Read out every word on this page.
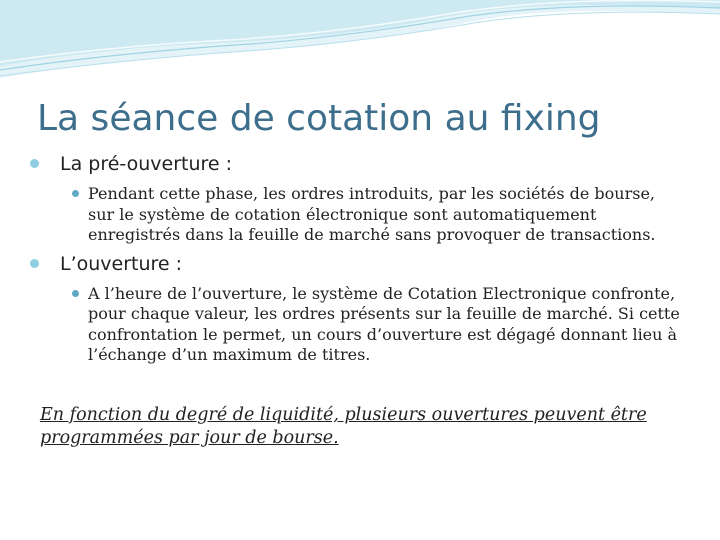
La séance de cotation au fixing
La pré-ouverture :
Pendant cette phase, les ordres introduits, par les sociétés de bourse, sur le système de cotation électronique sont automatiquement enregistrés dans la feuille de marché sans provoquer de transactions.
L’ouverture :
A l’heure de l’ouverture, le système de Cotation Electronique confronte, pour chaque valeur, les ordres présents sur la feuille de marché. Si cette confrontation le permet, un cours d’ouverture est dégagé donnant lieu à l’échange d’un maximum de titres.
En fonction du degré de liquidité, plusieurs ouvertures peuvent être programmées par jour de bourse.
